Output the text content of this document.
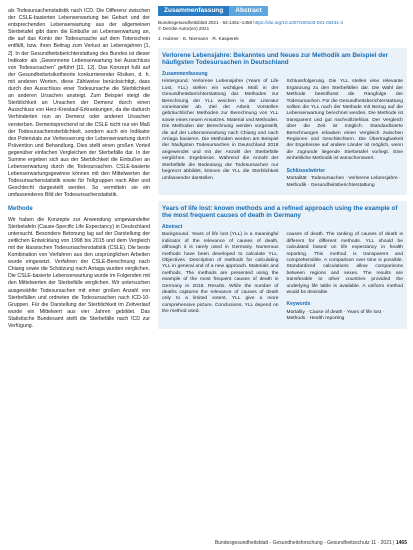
als Todesursachenstatistik nach ICD. Die Differenz zwischen der CSLE-basierten Lebenserwartung bei Geburt und der entsprechenden Lebenserwartung aus der allgemeinen Sterbetafel gibt dann die Einbuße an Lebenserwartung an, die auf das Konto der Todesursache auf dem Totenschein entfällt, bzw. ihren Beitrag zum Verlust an Lebensjahren [1, 2]. In der Gesundheitsberichterstattung des Bundes ist dieser Indikator als „Gewonnene Lebenserwartung bei Ausschluss von Todesursachen“ geführt [11, 12]. Das Konzept fußt auf der Gesundheitsrisikotheorie konkurrierender Risiken, d. h. mit anderen Worten, diese Zählweise berücksichtigt, dass durch den Ausschluss einer Todesursache die Sterblichkeit an anderen Ursachen ansteigt. Zum Beispiel steigt die Sterblichkeit an Ursachen der Demenz durch einen Ausschluss von Herz-Kreislauf-Erkrankungen, da die dadurch Verhinderten nun an Demenz oder anderen Ursachen versterben. Dementsprechend ist die CSLE nicht nur ein Maß der Todesursachensterblichkeit, sondern auch ein Indikator des Potenzials zur Verbesserung der Lebenserwartung durch Prävention und Behandlung. Dies stellt einen großen Vorteil gegenüber einfachen Vergleichen der Sterbefälle dar. In der Summe ergeben sich aus der Sterblichkeit die Einbußen an Lebenserwartung durch die Todesursachen. CSLE-basierte Lebenserwartungsgewinne können mit den Mittelwerten der Todesursachenstatistik sowie für Teilgruppen nach Alter und Geschlecht dargestellt werden. So vermitteln sie ein umfassenderes Bild der Todesursachenstatistik.

Methode

Wir haben die Konzepte zur Anwendung umgewandelter Sterbetafeln (Cause-Specific Life Expectancy) in Deutschland untersucht. Besondere Betonung lag auf der Darstellung der zeitlichen Entwicklung von 1998 bis 2015 und dem Vergleich mit der klassischen Todesursachenstatistik (CSLE). Die beste Kombination von Verfahren aus den ursprünglichen Arbeiten wurde eingesetzt. Verfahren der CSLE-Berechnung nach Chiang sowie die Schätzung nach Arriaga wurden verglichen. Die CSLE-basierte Lebenserwartung wurde im Folgenden mit den Mittelwerten der Sterbefälle verglichen. Wir untersuchen ausgewählte Todesursachen mit einer großen Anzahl von Sterbefällen und ordneten die Todesursachen nach ICD-10-Gruppen. Für die Darstellung der Sterblichkeit im Zeitverlauf wurde ein Mittelwert aus vier Jahren gebildet. Das Statistische Bundesamt stellt die Sterbefälle nach ICD zur Verfügung.

Zusammenfassung	Abstract
Bundesgesundheitsblatt 2021 · 64:1451–1458 https://doi.org/10.1007/s00103-021-03431-4
© Der/die Autor(en) 2021
J. Hubner · E. Niemann · R. Kasperek
Verlorene Lebensjahre: Bekanntes und Neues zur Methodik am Beispiel der häufigsten Todesursachen in Deutschland
Zusammenfassung

Hintergrund. Verlorene Lebensjahre (Years of Life Lost, YLL) stellen ein wichtiges Maß in der Gesundheitsberichterstattung dar. Methoden zur Berechnung der YLL weichen in der Literatur voneinander ab. Ziel der Arbeit. Vorstellen gebräuchlicher Methoden zur Berechnung von YLL sowie eines neuen Ansatzes. Material und Methoden. Die Methoden der Berechnung werden vorgestellt, die auf der Lebenserwartung nach Chiang und nach Arriaga basieren. Die Methoden werden am Beispiel der häufigsten Todesursachen in Deutschland 2018 angewendet und mit der Anzahl der Sterbefälle verglichen. Ergebnisse. Während die Anzahl der Sterbefälle die Bedeutung der Todesursachen nur begrenzt abbildet, können die YLL die Sterblichkeit umfassender darstellen.

Schlussfolgerung. Die YLL stellen eine relevante Ergänzung zu den Sterbefällen dar. Die Wahl der Methode beeinflusst die Rangfolge der Todesursachen. Für die Gesundheitsberichterstattung sollten die YLL nach der Methode mit Bezug auf die Lebenserwartung berechnet werden. Die Methode ist transparent und gut nachvollziehbar. Der Vergleich über die Zeit ist möglich. Standardisierte Berechnungen erlauben einen Vergleich zwischen Regionen und Geschlechtern. Die Übertragbarkeit der Ergebnisse auf andere Länder ist möglich, wenn die zugrunde liegende Sterbetafel vorliegt. Eine einheitliche Methodik ist wünschenswert.

Schlüsselwörter
Mortalität · Todesursachen · Verlorene Lebensjahre · Methodik · Gesundheitsberichterstattung
Years of life lost: known methods and a refined approach using the example of the most frequent causes of death in Germany
Abstract

Background. Years of life lost (YLL) is a meaningful indicator of the relevance of causes of death, although it is rarely used in Germany. Numerous methods have been developed to calculate YLL. Objectives. Description of methods for calculating YLL in general and of a new approach. Materials and methods. The methods are presented using the example of the most frequent causes of death in Germany in 2018. Results. While the number of deaths captures the relevance of causes of death only to a limited extent, YLL give a more comprehensive picture. Conclusions. YLL depend on the method used.

causes of death. The ranking of causes of death is different for different methods. YLL should be calculated based on life expectancy in health reporting. This method is transparent and comprehensible. A comparison over time is possible. Standardized calculations allow comparisons between regions and sexes. The results are transferable to other countries provided the underlying life table is available. A uniform method would be desirable.

Keywords
Mortality · Cause of death · Years of life lost · Methods · Health reporting
Bundesgesundheitsblatt - Gesundheitsforschung - Gesundheitsschutz 11 · 2021 | 1465
